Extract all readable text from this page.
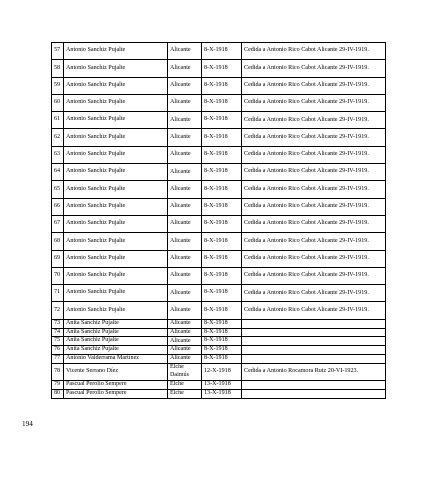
57	Antonio Sanchiz Pujalte	Alicante	8-X-1918	Cedida a Antonio Rico Cabot Alicante 29-IV-1919.
58	Antonio Sanchiz Pujalte	Alicante	8-X-1918	Cedida a Antonio Rico Cabot Alicante 29-IV-1919.
59	Antonio Sanchiz Pujalte	Alicante	8-X-1918	Cedida a Antonio Rico Cabot Alicante 29-IV-1919.
60	Antonio Sanchiz Pujalte	Alicante	8-X-1918	Cedida a Antonio Rico Cabot Alicante 29-IV-1919.
61	Antonio Sanchiz Pujalte	Alicante	8-X-1918	Cedida a Antonio Rico Cabot Alicante 29-IV-1919.
62	Antonio Sanchiz Pujalte	Alicante	8-X-1918	Cedida a Antonio Rico Cabot Alicante 29-IV-1919.
63	Antonio Sanchiz Pujalte	Alicante	8-X-1918	Cedida a Antonio Rico Cabot Alicante 29-IV-1919.
64	Antonio Sanchiz Pujalte	Alicante	8-X-1918	Cedida a Antonio Rico Cabot Alicante 29-IV-1919.
65	Antonio Sanchiz Pujalte	Alicante	8-X-1918	Cedida a Antonio Rico Cabot Alicante 29-IV-1919.
66	Antonio Sanchiz Pujalte	Alicante	8-X-1918	Cedida a Antonio Rico Cabot Alicante 29-IV-1919.
67	Antonio Sanchiz Pujalte	Alicante	8-X-1918	Cedida a Antonio Rico Cabot Alicante 29-IV-1919.
68	Antonio Sanchiz Pujalte	Alicante	8-X-1918	Cedida a Antonio Rico Cabot Alicante 29-IV-1919.
69	Antonio Sanchiz Pujalte	Alicante	8-X-1918	Cedida a Antonio Rico Cabot Alicante 29-IV-1919.
70	Antonio Sanchiz Pujalte	Alicante	8-X-1918	Cedida a Antonio Rico Cabot Alicante 29-IV-1919.
71	Antonio Sanchiz Pujalte	Alicante	8-X-1918	Cedida a Antonio Rico Cabot Alicante 29-IV-1919.
72	Antonio Sanchiz Pujalte	Alicante	8-X-1918	Cedida a Antonio Rico Cabot Alicante 29-IV-1919.
73	Anita Sanchiz Pujalte	Alicante	8-X-1918	
74	Anita Sanchiz Pujalte	Alicante	8-X-1918	
75	Anita Sanchiz Pujalte	Alicante	8-X-1918	
76	Anita Sanchiz Pujalte	Alicante	8-X-1918	
77	Antonio Valderrama Martínez	Alicante	8-X-1918	
78	Vicente Serrano Díez	Elche Daimús	12-X-1918	Cedida a Antonio Rocamora Ruiz 20-VI-1923.
79	Pascual Perolio Sempere	Elche	13-X-1918	
80	Pascual Perolio Sempere	Elche	13-X-1918	
194
